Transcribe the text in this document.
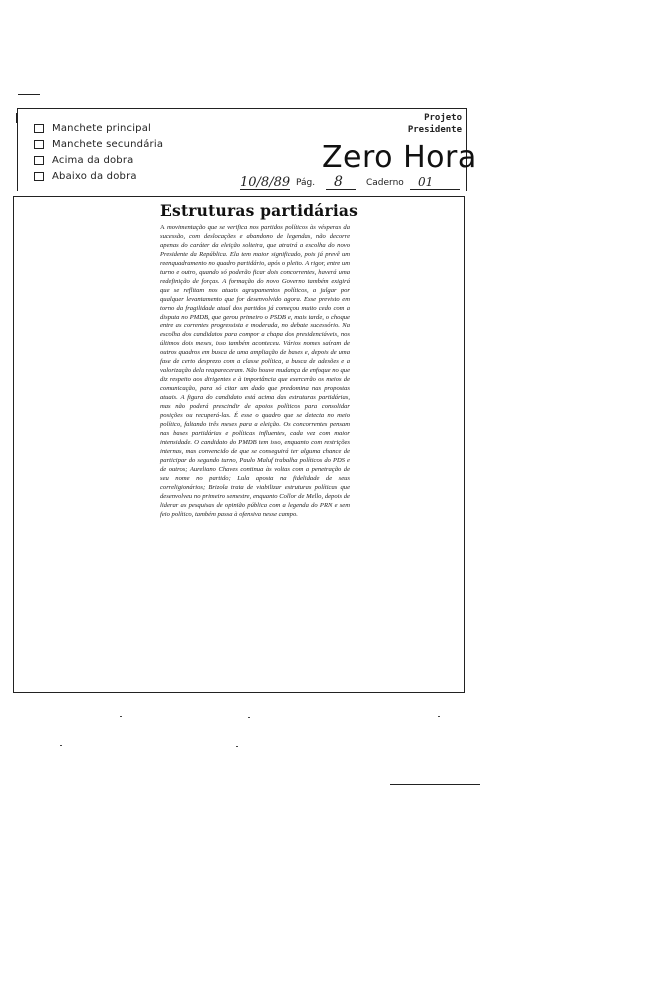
Manchete principal
Manchete secundária
Acima da dobra
Abaixo da dobra
Projeto
Presidente
Zero Hora
10/8/89 Pág. 8	Caderno 01
Estruturas partidárias

A movimentação que se verifica nos partidos políticos às vésperas da sucessão, com deslocações e abandono de legendas, não decorre apenas do caráter da eleição solteira, que atrairá a escolha do novo Presidente da República. Ela tem maior significado, pois já prevê um reenquadramento no quadro partidário, após o pleito. A rigor, entre um turno e outro, quando só poderão ficar dois concorrentes, haverá uma redefinição de forças. A formação do novo Governo também exigirá que se reflitam nos atuais agrupamentos políticos, a julgar por qualquer levantamento que for desenvolvido agora. Esse previsto em torno da fragilidade atual dos partidos já começou muito cedo com a disputa no PMDB, que gerou primeiro o PSDB e, mais tarde, o choque entre as correntes progressista e moderada, no debate sucessório. Na escolha dos candidatos para compor a chapa dos presidenciáveis, nos últimos dois meses, isso também aconteceu. Vários nomes saíram de outros quadros em busca de uma ampliação de bases e, depois de uma fase de certo desprezo com a classe política, a busca de adesões e a valorização dela reapareceram. Não houve mudança de enfoque no que diz respeito aos dirigentes e à importância que exercerão os meios de comunicação, para só citar um dado que predomina nas propostas atuais. A figura do candidato está acima das estruturas partidárias, mas não poderá prescindir de apoios políticos para consolidar posições ou recuperá-las. É esse o quadro que se detecta no meio político, faltando três meses para a eleição. Os concorrentes pensam nas bases partidárias e políticas influentes, cada vez com maior intensidade. O candidato do PMDB tem isso, enquanto com restrições internas, mas convencido de que se conseguirá ter alguma chance de participar do segundo turno, Paulo Maluf trabalha políticos do PDS e de outros; Aureliano Chaves continua às voltas com a penetração de seu nome no partido; Lula aposta na fidelidade de seus correligionários; Brizola trata de viabilizar estruturas políticas que desenvolveu no primeiro semestre, enquanto Collor de Mello, depois de liderar as pesquisas de opinião pública com a legenda do PRN e sem feio político, também passa à ofensiva nesse campo.
